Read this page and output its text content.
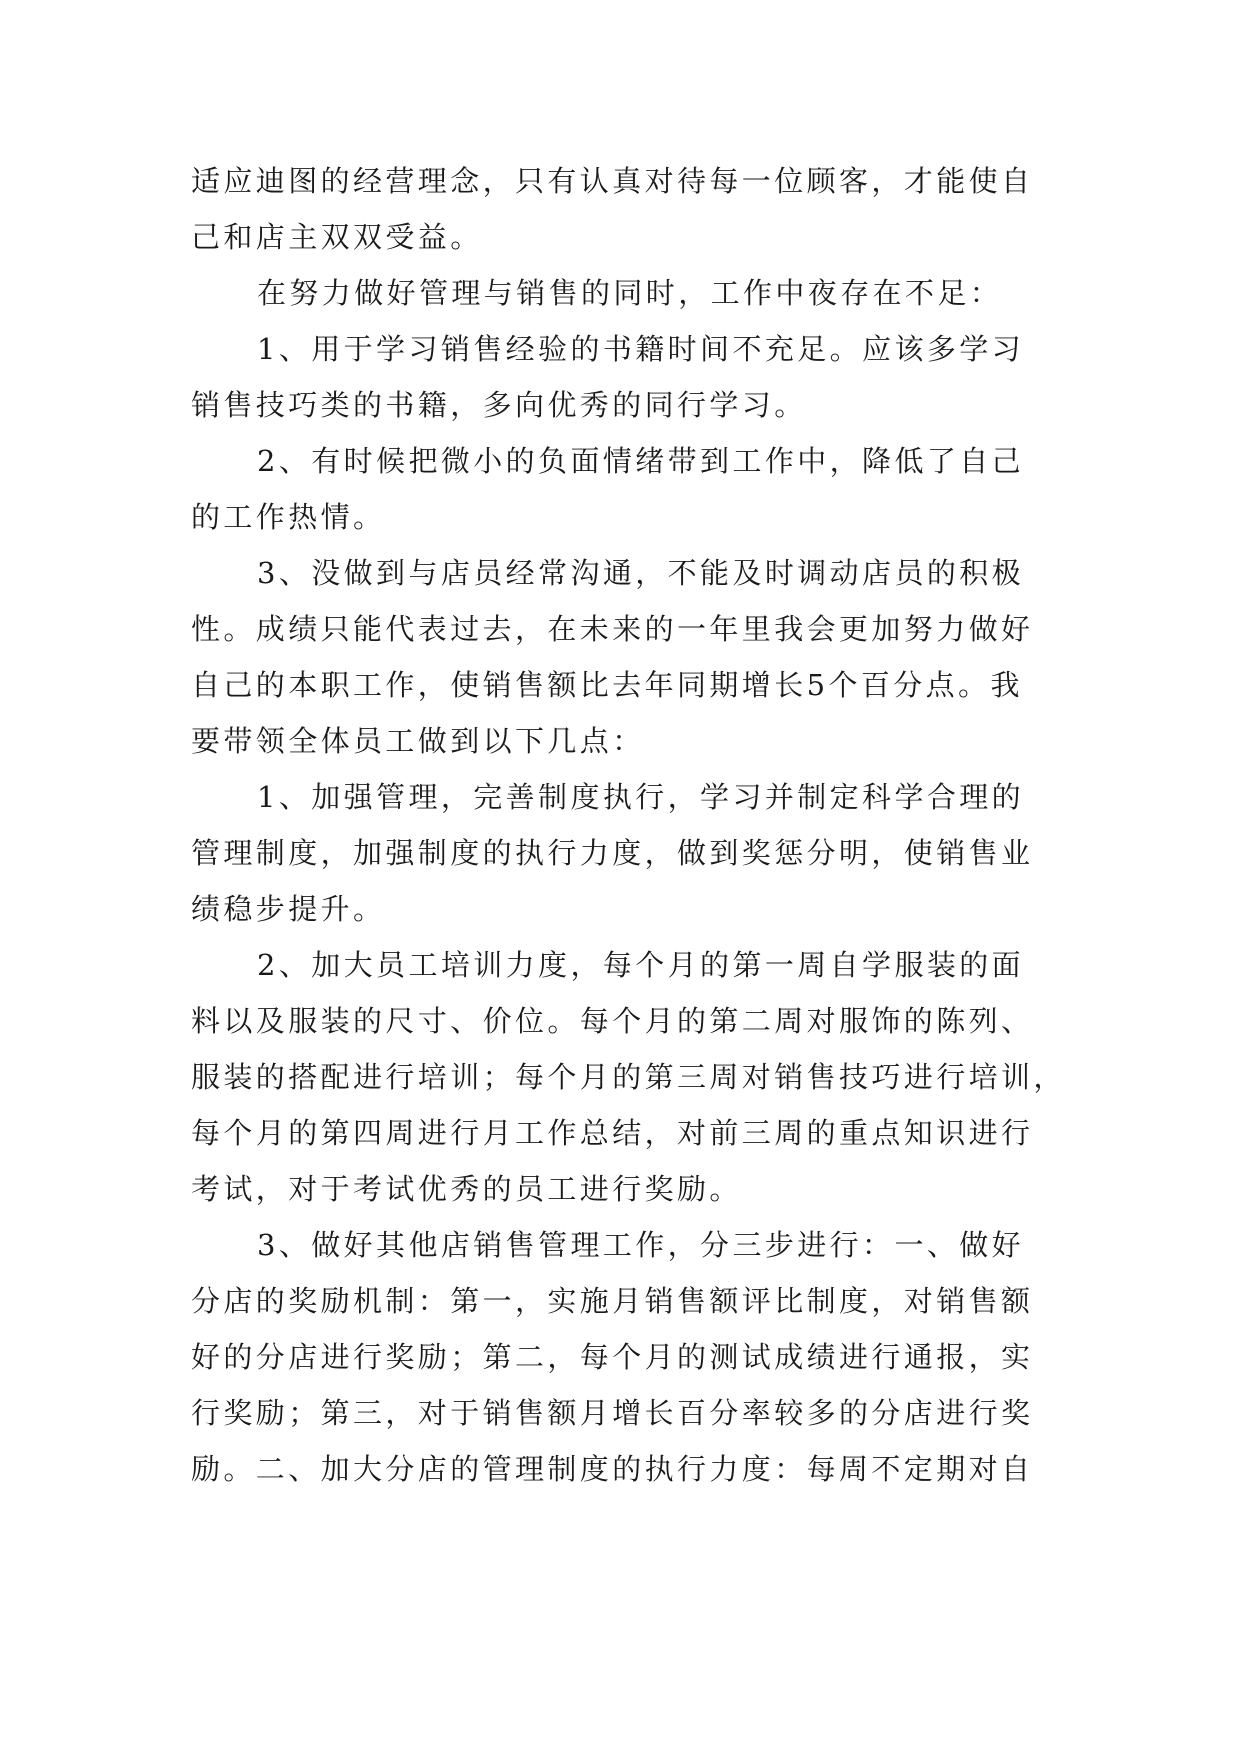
适应迪图的经营理念，只有认真对待每一位顾客，才能使自
己和店主双双受益。
在努力做好管理与销售的同时，工作中夜存在不足：
1、用于学习销售经验的书籍时间不充足。应该多学习
销售技巧类的书籍，多向优秀的同行学习。
2、有时候把微小的负面情绪带到工作中，降低了自己
的工作热情。
3、没做到与店员经常沟通，不能及时调动店员的积极
性。成绩只能代表过去，在未来的一年里我会更加努力做好
自己的本职工作，使销售额比去年同期增长5个百分点。我
要带领全体员工做到以下几点：
1、加强管理，完善制度执行，学习并制定科学合理的
管理制度，加强制度的执行力度，做到奖惩分明，使销售业
绩稳步提升。
2、加大员工培训力度，每个月的第一周自学服装的面
料以及服装的尺寸、价位。每个月的第二周对服饰的陈列、
服装的搭配进行培训；每个月的第三周对销售技巧进行培训，
每个月的第四周进行月工作总结，对前三周的重点知识进行
考试，对于考试优秀的员工进行奖励。
3、做好其他店销售管理工作，分三步进行：一、做好
分店的奖励机制：第一，实施月销售额评比制度，对销售额
好的分店进行奖励；第二，每个月的测试成绩进行通报，实
行奖励；第三，对于销售额月增长百分率较多的分店进行奖
励。二、加大分店的管理制度的执行力度：每周不定期对自
